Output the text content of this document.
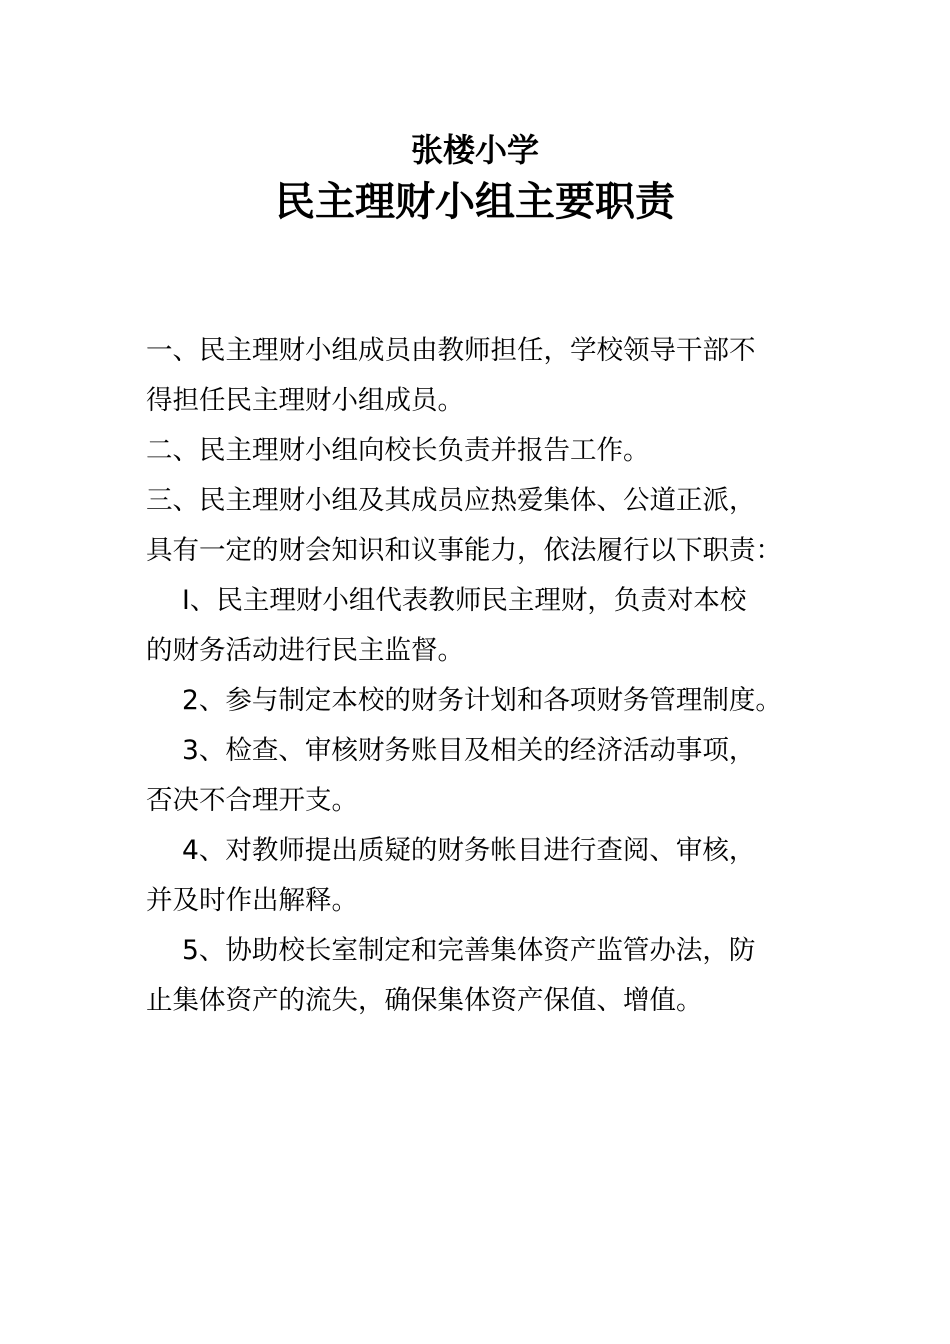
张楼小学
民主理财小组主要职责
一、民主理财小组成员由教师担任，学校领导干部不
得担任民主理财小组成员。
二、民主理财小组向校长负责并报告工作。
三、民主理财小组及其成员应热爱集体、公道正派，
具有一定的财会知识和议事能力，依法履行以下职责：
I、民主理财小组代表教师民主理财，负责对本校
的财务活动进行民主监督。
2、参与制定本校的财务计划和各项财务管理制度。
3、检查、审核财务账目及相关的经济活动事项，
否决不合理开支。
4、对教师提出质疑的财务帐目进行查阅、审核，
并及时作出解释。
5、协助校长室制定和完善集体资产监管办法，防
止集体资产的流失，确保集体资产保值、增值。
